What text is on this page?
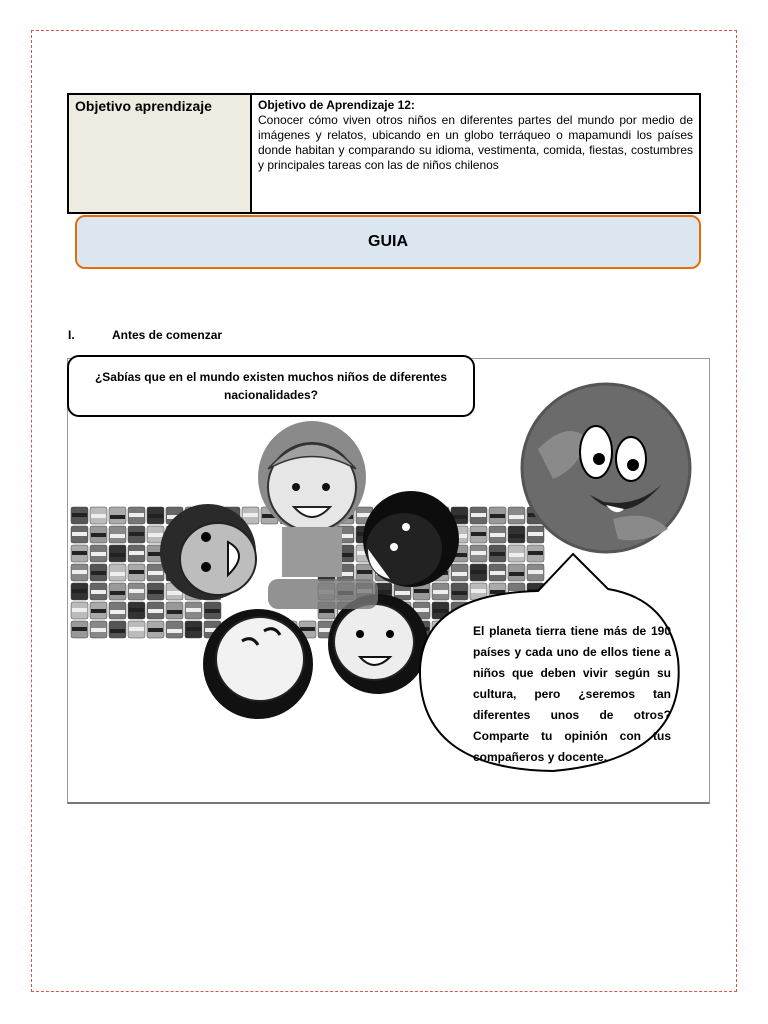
Objetivo aprendizaje	Objetivo de Aprendizaje 12:
Conocer cómo viven otros niños en diferentes partes del mundo por medio de imágenes y relatos, ubicando en un globo terráqueo o mapamundi los países donde habitan y comparando su idioma, vestimenta, comida, fiestas, costumbres y principales tareas con las de niños chilenos
GUIA
I.	Antes de comenzar
¿Sabías que en el mundo existen muchos niños de diferentes nacionalidades?
El planeta tierra tiene más de 190 países y cada uno de ellos tiene a niños que deben vivir según su cultura, pero ¿seremos tan diferentes unos de otros? Comparte tu opinión con tus compañeros y docente.
